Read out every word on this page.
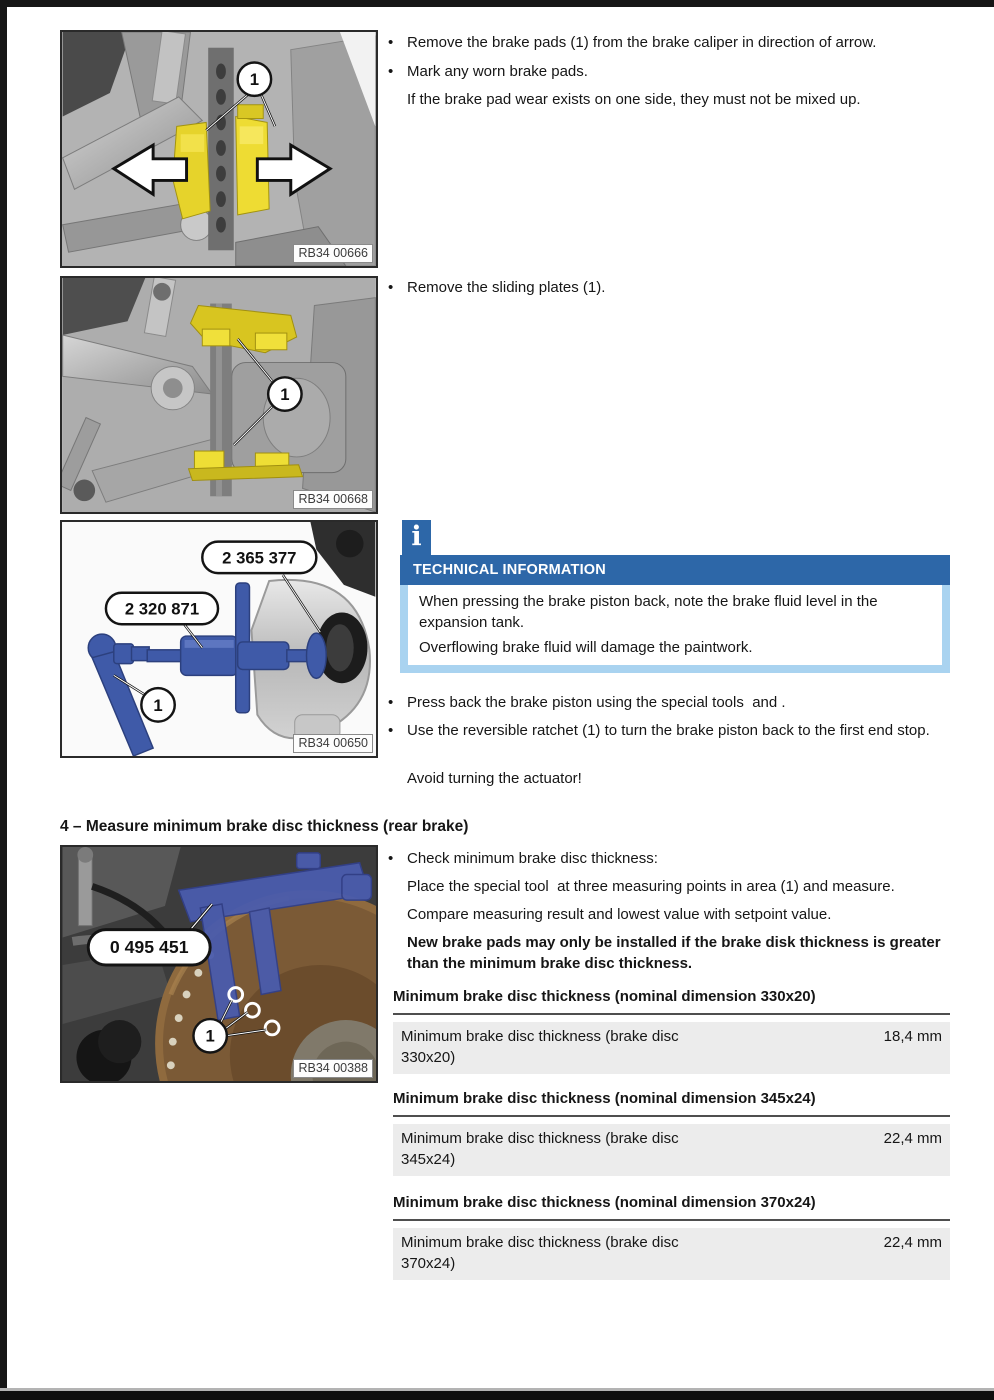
1
RB34 00666
•
Remove the brake pads (1) from the brake caliper in direction of arrow.
•
Mark any worn brake pads.
If the brake pad wear exists on one side, they must not be mixed up.
1
RB34 00668
•
Remove the sliding plates (1).
2 365 377
2 320 871
1
RB34 00650
i
TECHNICAL INFORMATION
When pressing the brake piston back, note the brake fluid level in the expansion tank.
Overflowing brake fluid will damage the paintwork.
•
Press back the brake piston using the special tools  and .
•
Use the reversible ratchet (1) to turn the brake piston back to the first end stop.
Avoid turning the actuator!
4 – Measure minimum brake disc thickness (rear brake)
0 495 451
1
RB34 00388
•
Check minimum brake disc thickness:
Place the special tool  at three measuring points in area (1) and measure.
Compare measuring result and lowest value with setpoint value.
New brake pads may only be installed if the brake disk thickness is greater than the minimum brake disc thickness.
Minimum brake disc thickness (nominal dimension 330x20)
Minimum brake disc thickness (brake disc 330x20)
18,4 mm
Minimum brake disc thickness (nominal dimension 345x24)
Minimum brake disc thickness (brake disc 345x24)
22,4 mm
Minimum brake disc thickness (nominal dimension 370x24)
Minimum brake disc thickness (brake disc 370x24)
22,4 mm
